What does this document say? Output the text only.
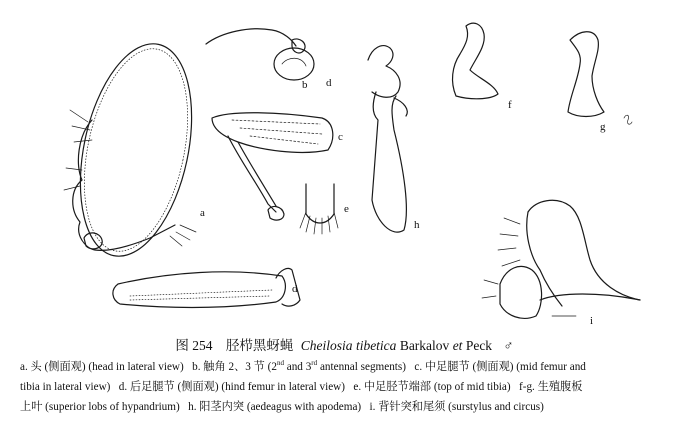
a
b
c
d
e
h
f
g
i
d
图 254 胫栉黑蚜蝇 Cheilosia tibetica Barkalov et Peck ♂
a. 头 (侧面观) (head in lateral view) b. 触角 2、3 节 (2nd and 3rd antennal segments) c. 中足腿节 (侧面观) (mid femur and
tibia in lateral view) d. 后足腿节 (侧面观) (hind femur in lateral view) e. 中足胫节端部 (top of mid tibia) f-g. 生殖腹板
上叶 (superior lobs of hypandrium) h. 阳茎内突 (aedeagus with apodema) i. 背针突和尾须 (surstylus and circus)
